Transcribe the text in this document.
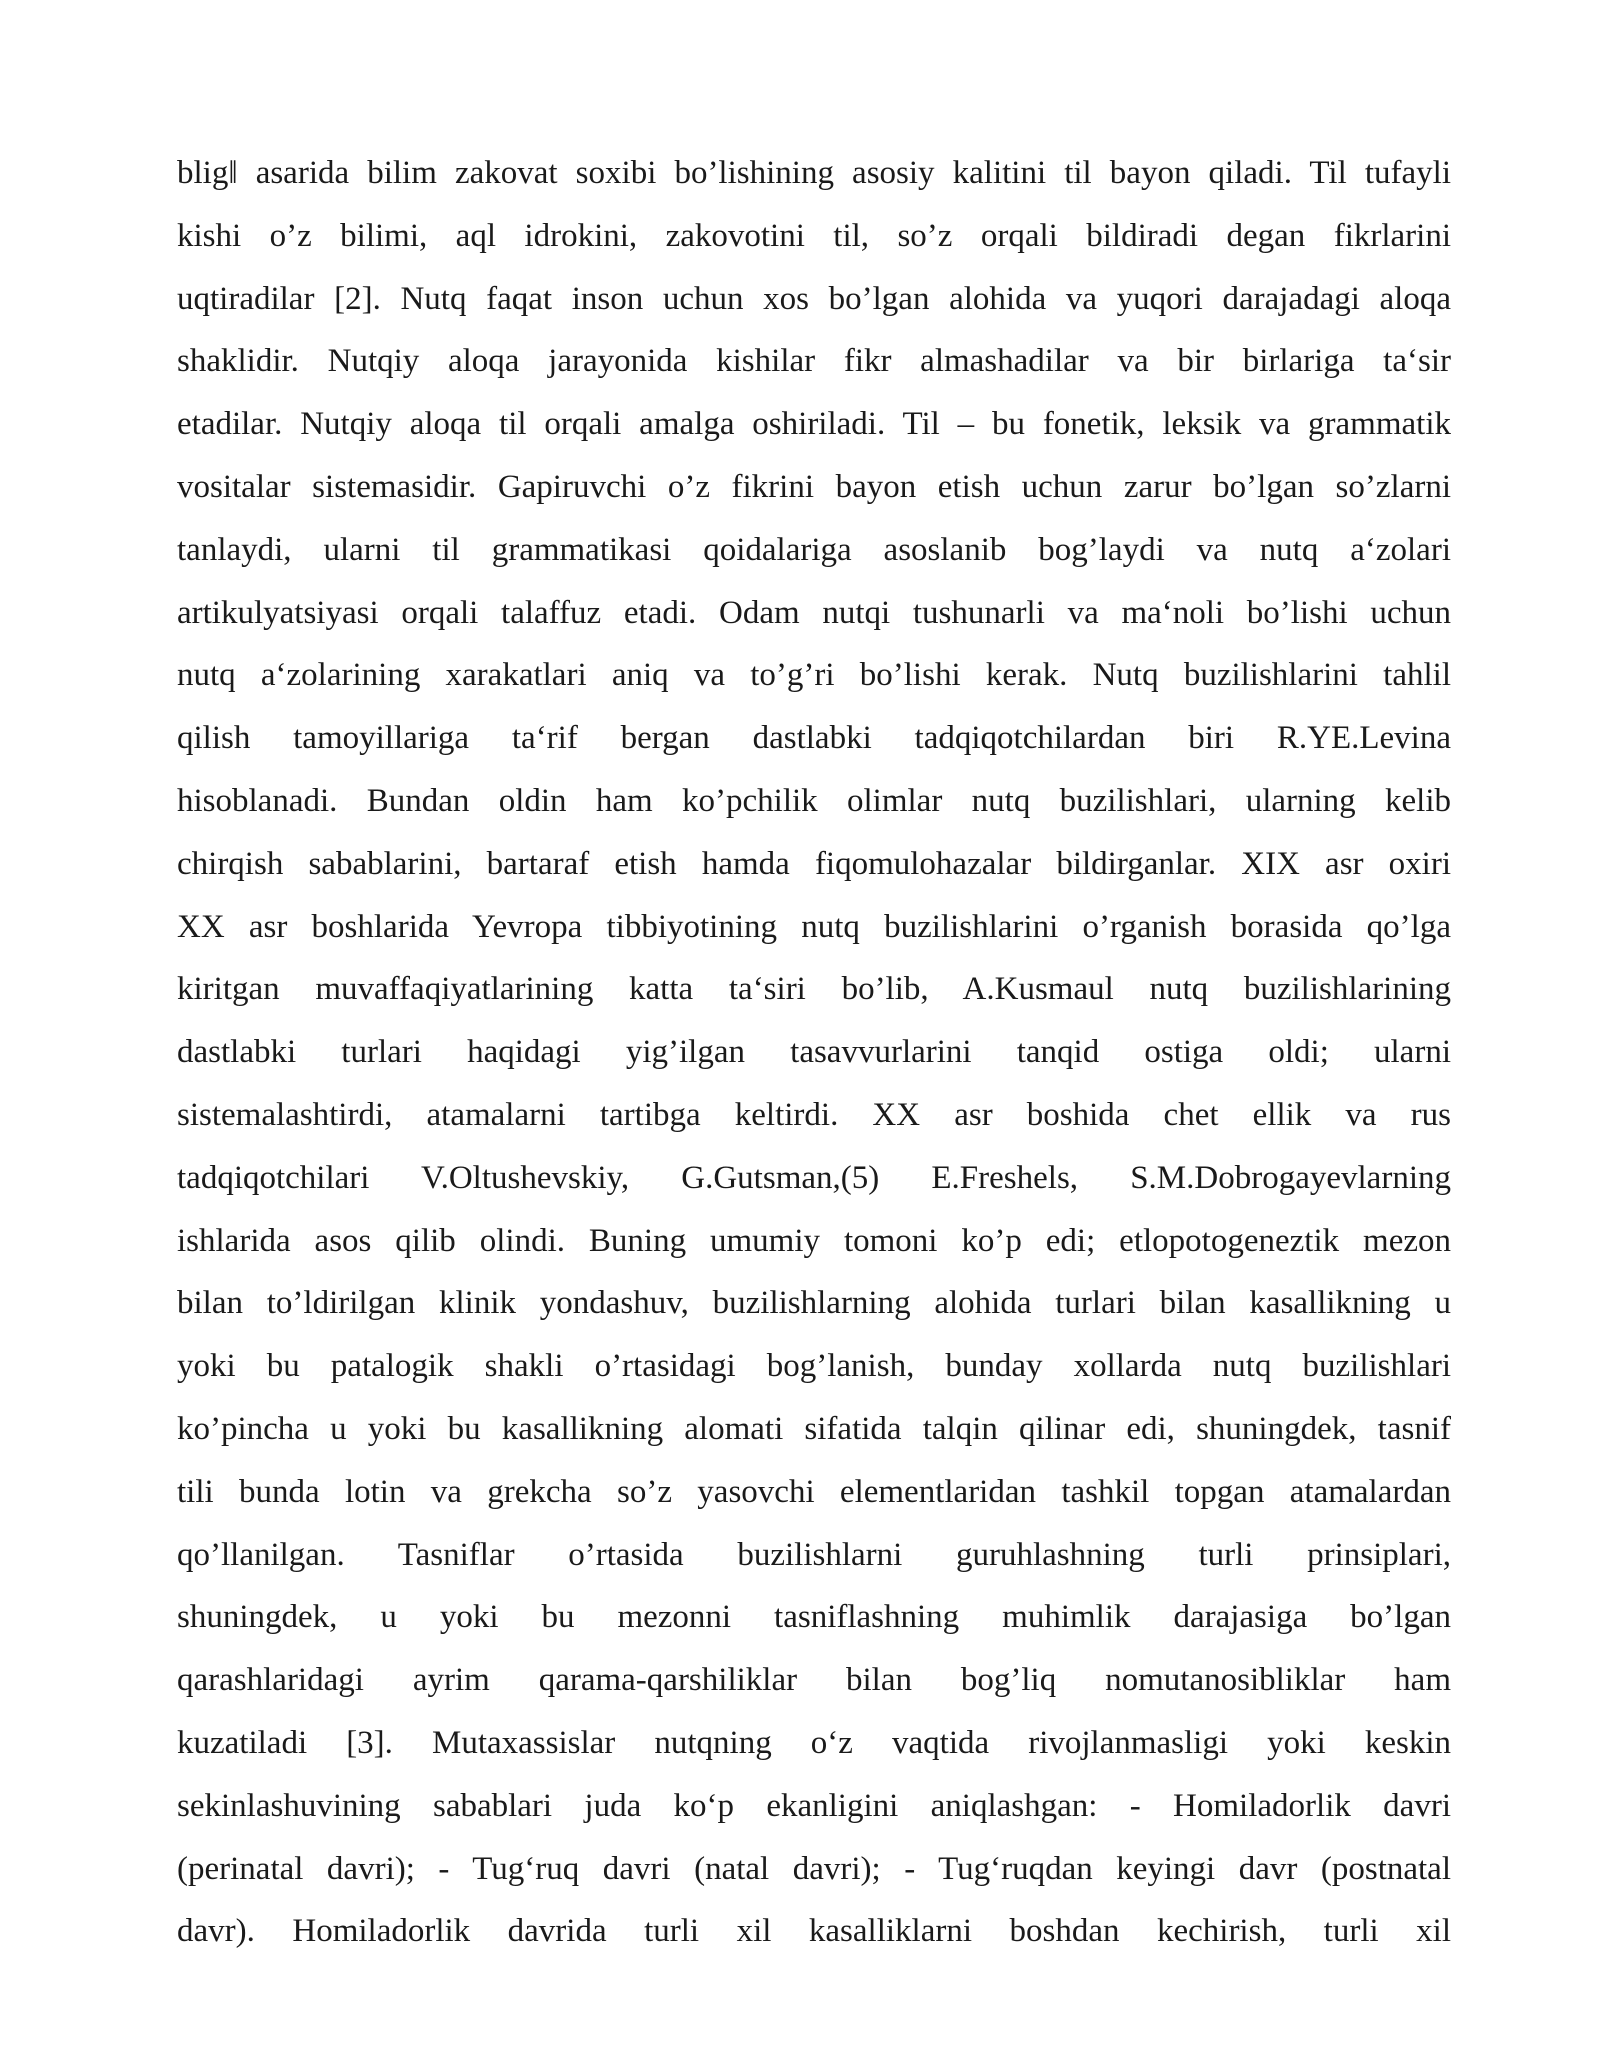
blig‖ asarida bilim zakovat soxibi bo’lishining asosiy kalitini til bayon qiladi. Til tufayli
kishi o’z bilimi, aql idrokini, zakovotini til, so’z orqali bildiradi degan fikrlarini
uqtiradilar [2]. Nutq faqat inson uchun xos bo’lgan alohida va yuqori darajadagi aloqa
shaklidir. Nutqiy aloqa jarayonida kishilar fikr almashadilar va bir birlariga ta‘sir
etadilar. Nutqiy aloqa til orqali amalga oshiriladi. Til – bu fonetik, leksik va grammatik
vositalar sistemasidir. Gapiruvchi o’z fikrini bayon etish uchun zarur bo’lgan so’zlarni
tanlaydi, ularni til grammatikasi qoidalariga asoslanib bog’laydi va nutq a‘zolari
artikulyatsiyasi orqali talaffuz etadi. Odam nutqi tushunarli va ma‘noli bo’lishi uchun
nutq a‘zolarining xarakatlari aniq va to’g’ri bo’lishi kerak. Nutq buzilishlarini tahlil
qilish tamoyillariga ta‘rif bergan dastlabki tadqiqotchilardan biri R.YE.Levina
hisoblanadi. Bundan oldin ham ko’pchilik olimlar nutq buzilishlari, ularning kelib
chirqish sabablarini, bartaraf etish hamda fiqomulohazalar bildirganlar. XIX asr oxiri
XX asr boshlarida Yevropa tibbiyotining nutq buzilishlarini o’rganish borasida qo’lga
kiritgan muvaffaqiyatlarining katta ta‘siri bo’lib, A.Kusmaul nutq buzilishlarining
dastlabki turlari haqidagi yig’ilgan tasavvurlarini tanqid ostiga oldi; ularni
sistemalashtirdi, atamalarni tartibga keltirdi. XX asr boshida chet ellik va rus
tadqiqotchilari V.Oltushevskiy, G.Gutsman,(5) E.Freshels, S.M.Dobrogayevlarning
ishlarida asos qilib olindi. Buning umumiy tomoni ko’p edi; etlopotogeneztik mezon
bilan to’ldirilgan klinik yondashuv, buzilishlarning alohida turlari bilan kasallikning u
yoki bu patalogik shakli o’rtasidagi bog’lanish, bunday xollarda nutq buzilishlari
ko’pincha u yoki bu kasallikning alomati sifatida talqin qilinar edi, shuningdek, tasnif
tili bunda lotin va grekcha so’z yasovchi elementlaridan tashkil topgan atamalardan
qo’llanilgan. Tasniflar o’rtasida buzilishlarni guruhlashning turli prinsiplari,
shuningdek, u yoki bu mezonni tasniflashning muhimlik darajasiga bo’lgan
qarashlaridagi ayrim qarama-qarshiliklar bilan bog’liq nomutanosibliklar ham
kuzatiladi [3]. Mutaxassislar nutqning o‘z vaqtida rivojlanmasligi yoki keskin
sekinlashuvining sabablari juda ko‘p ekanligini aniqlashgan: - Homiladorlik davri
(perinatal davri); - Tug‘ruq davri (natal davri); - Tug‘ruqdan keyingi davr (postnatal
davr). Homiladorlik davrida turli xil kasalliklarni boshdan kechirish, turli xil
